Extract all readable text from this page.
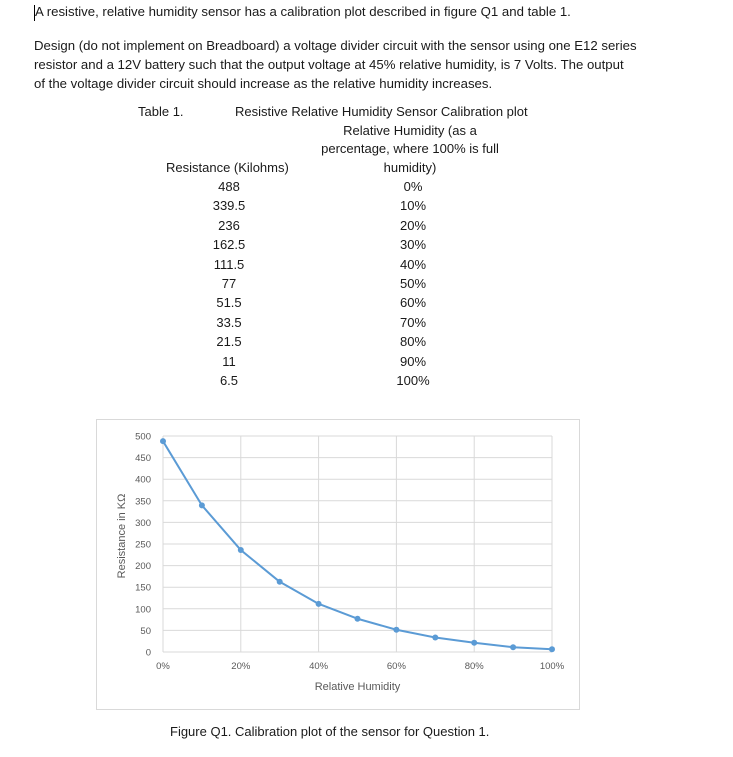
A resistive, relative humidity sensor has a calibration plot described in figure Q1 and table 1.

Design (do not implement on Breadboard) a voltage divider circuit with the sensor using one E12 series
resistor and a 12V battery such that the output voltage at 45% relative humidity, is 7 Volts. The output
of the voltage divider circuit should increase as the relative humidity increases.

Table 1.	Resistive Relative Humidity Sensor Calibration plot

Relative Humidity (as a
percentage, where 100% is full
humidity)

Resistance (Kilohms)

488	0%
339.5	10%
236	20%
162.5	30%
111.5	40%
77	50%
51.5	60%
33.5	70%
21.5	80%
11	90%
6.5	100%
0
50
100
150
200
250
300
350
400
450
500
0%	20%	40%	60%	80%	100%
Relative Humidity
Resistance in KΩ

Figure Q1. Calibration plot of the sensor for Question 1.
